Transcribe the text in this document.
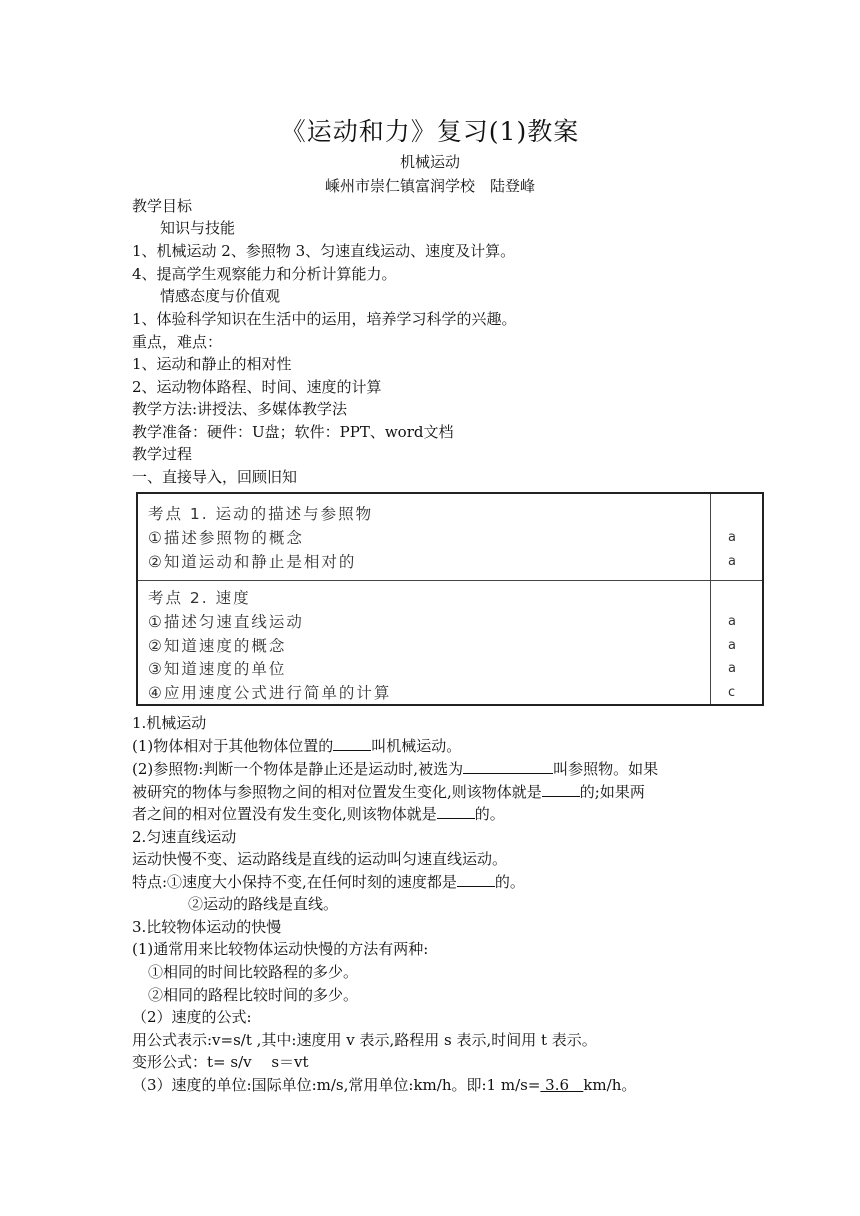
《运动和力》复习(1)教案
机械运动
嵊州市崇仁镇富润学校　陆登峰
教学目标
知识与技能
1、机械运动 2、参照物 3、匀速直线运动、速度及计算。
4、提高学生观察能力和分析计算能力。
情感态度与价值观
1、体验科学知识在生活中的运用，培养学习科学的兴趣。
重点，难点：
1、运动和静止的相对性
2、运动物体路程、时间、速度的计算
教学方法:讲授法、多媒体教学法
教学准备：硬件：U盘；软件：PPT、word文档
教学过程
一、直接导入，回顾旧知
考点 1. 运动的描述与参照物
①描述参照物的概念	a
②知道运动和静止是相对的	a
考点 2. 速度
①描述匀速直线运动	a
②知道速度的概念	a
③知道速度的单位	a
④应用速度公式进行简单的计算	c
1.机械运动
(1)物体相对于其他物体位置的	叫机械运动。
(2)参照物:判断一个物体是静止还是运动时,被选为	叫参照物。如果
被研究的物体与参照物之间的相对位置发生变化,则该物体就是	的;如果两
者之间的相对位置没有发生变化,则该物体就是	的。
2.匀速直线运动
运动快慢不变、运动路线是直线的运动叫匀速直线运动。
特点:①速度大小保持不变,在任何时刻的速度都是	的。
②运动的路线是直线。
3.比较物体运动的快慢
(1)通常用来比较物体运动快慢的方法有两种:
①相同的时间比较路程的多少。
②相同的路程比较时间的多少。
（2）速度的公式:
用公式表示:v=s/t ,其中:速度用 v 表示,路程用 s 表示,时间用 t 表示。
变形公式：t= s/v　 s＝vt
（3）速度的单位:国际单位:m/s,常用单位:km/h。即:1 m/s= 3.6   km/h。
